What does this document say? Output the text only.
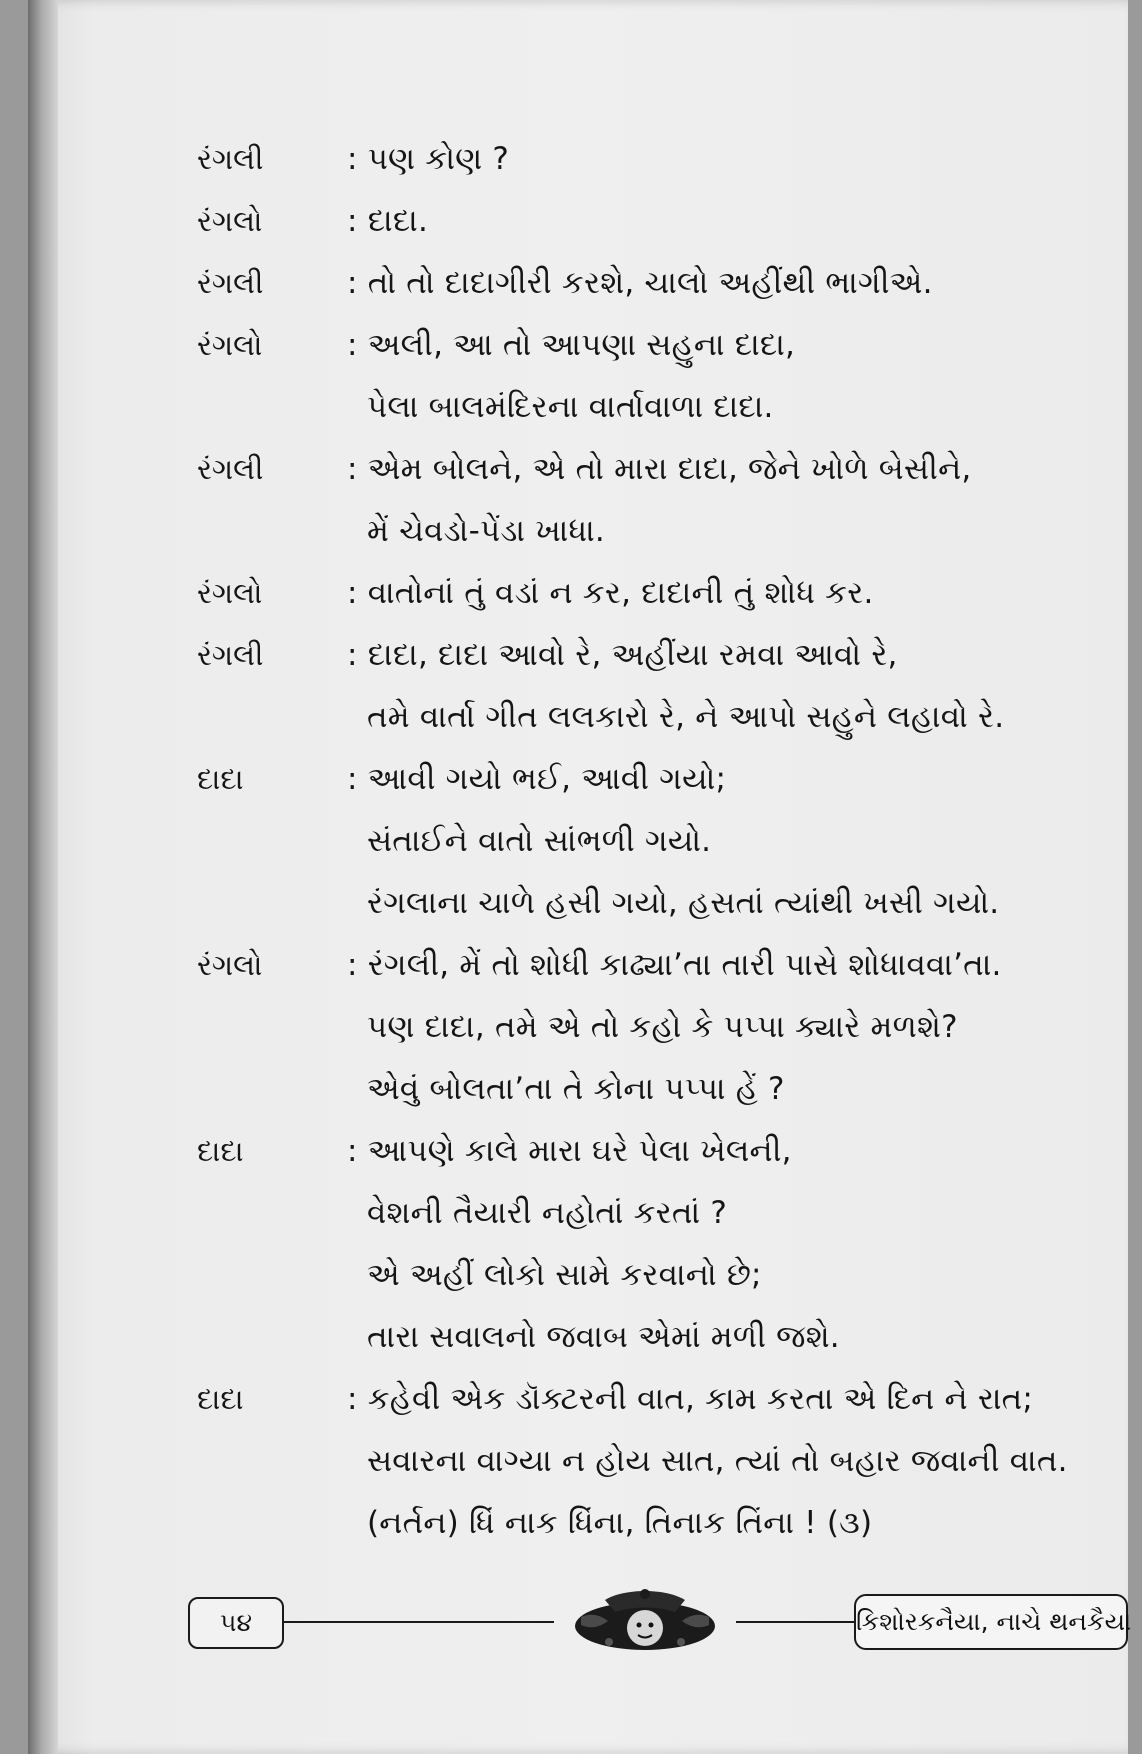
રંગલી	: પણ કોણ ?
રંગલો	: દાદા.
રંગલી	: તો તો દાદાગીરી કરશે, ચાલો અહીંથી ભાગીએ.
રંગલો	: અલી, આ તો આપણા સહુના દાદા,
પેલા બાલમંદિરના વાર્તાવાળા દાદા.
રંગલી	: એમ બોલને, એ તો મારા દાદા, જેને ખોળે બેસીને,
મેં ચેવડો-પેંડા ખાધા.
રંગલો	: વાતોનાં તું વડાં ન કર, દાદાની તું શોધ કર.
રંગલી	: દાદા, દાદા આવો રે, અહીંયા રમવા આવો રે,
તમે વાર્તા ગીત લલકારો રે, ને આપો સહુને લહાવો રે.
દાદા	: આવી ગયો ભઈ, આવી ગયો;
સંતાઈને વાતો સાંભળી ગયો.
રંગલાના ચાળે હસી ગયો, હસતાં ત્યાંથી ખસી ગયો.
રંગલો	: રંગલી, મેં તો શોધી કાઢ્યા’તા તારી પાસે શોધાવવા’તા.
પણ દાદા, તમે એ તો કહો કે પપ્પા ક્યારે મળશે?
એવું બોલતા’તા તે કોના પપ્પા હેં ?
દાદા	: આપણે કાલે મારા ઘરે પેલા ખેલની,
વેશની તૈયારી નહોતાં કરતાં ?
એ અહીં લોકો સામે કરવાનો છે;
તારા સવાલનો જવાબ એમાં મળી જશે.
દાદા	: કહેવી એક ડૉક્ટરની વાત, કામ કરતા એ દિન ને રાત;
સવારના વાગ્યા ન હોય સાત, ત્યાં તો બહાર જવાની વાત.
(નર્તન) ધિં નાક ધિંના, તિનાક તિંના ! (૩)
૫૪	કિશોરકનૈયા, નાચે થનકૈયા
